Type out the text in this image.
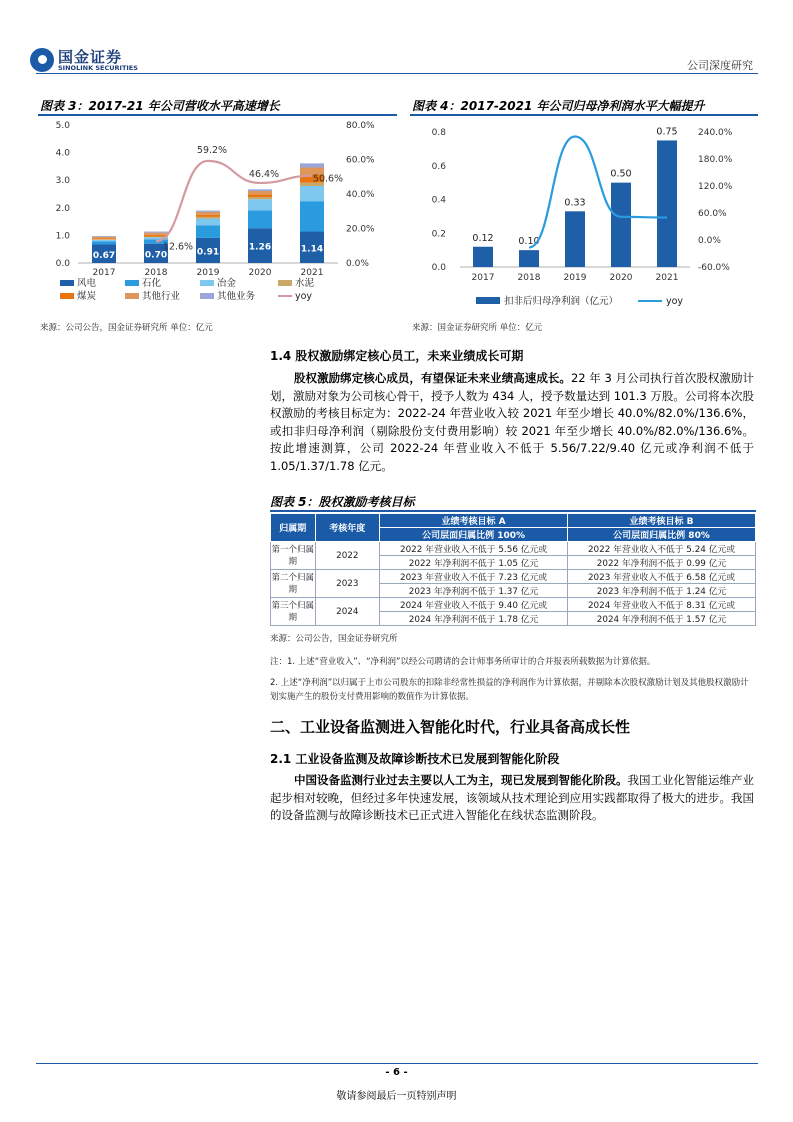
国金证券
SINOLINK SECURITIES	公司深度研究
图表 3：2017-21 年公司营收水平高速增长
0.0
1.0
2.0
3.0
4.0
5.0
0.0%
20.0%
40.0%
60.0%
80.0%
2017
0.67
2018
0.70
2019
0.91
2020
1.26
2021
1.14
12.6%
59.2%
46.4%	50.6%
风电	石化	冶金	水泥
煤炭	其他行业	其他业务	yoy
来源：公司公告，国金证券研究所 单位：亿元
图表 4：2017-2021 年公司归母净利润水平大幅提升
0.0
0.2
0.4
0.6
0.8
-60.0%
0.0%
60.0%
120.0%
180.0%
240.0%
2017
0.12
2018
0.10
2019
0.33
2020
0.50
2021
0.75
扣非后归母净利润（亿元）	yoy
来源：国金证券研究所 单位：亿元
1.4 股权激励绑定核心员工，未来业绩成长可期
股权激励绑定核心成员，有望保证未来业绩高速成长。22 年 3 月公司执行首次股权激励计划，激励对象为公司核心骨干，授予人数为 434 人，授予数量达到 101.3 万股。公司将本次股权激励的考核目标定为：2022-24 年营业收入较 2021 年至少增长 40.0%/82.0%/136.6%，或扣非归母净利润（剔除股份支付费用影响）较 2021 年至少增长 40.0%/82.0%/136.6%。按此增速测算，公司 2022-24 年营业收入不低于 5.56/7.22/9.40 亿元或净利润不低于 1.05/1.37/1.78 亿元。
图表 5：股权激励考核目标
归属期	考核年度	业绩考核目标 A	业绩考核目标 B
		公司层面归属比例 100%	公司层面归属比例 80%
第一个归属期	2022	2022 年营业收入不低于 5.56 亿元或	2022 年营业收入不低于 5.24 亿元或
		2022 年净利润不低于 1.05 亿元	2022 年净利润不低于 0.99 亿元
第二个归属期	2023	2023 年营业收入不低于 7.23 亿元或	2023 年营业收入不低于 6.58 亿元或
		2023 年净利润不低于 1.37 亿元	2023 年净利润不低于 1.24 亿元
第三个归属期	2024	2024 年营业收入不低于 9.40 亿元或	2024 年营业收入不低于 8.31 亿元或
		2024 年净利润不低于 1.78 亿元	2024 年净利润不低于 1.57 亿元
来源：公司公告，国金证券研究所
注：1. 上述“营业收入”、“净利润”以经公司聘请的会计师事务所审计的合并报表所载数据为计算依据。
2. 上述“净利润”以归属于上市公司股东的扣除非经常性损益的净利润作为计算依据，并剔除本次股权激励计划及其他股权激励计划实施产生的股份支付费用影响的数值作为计算依据。
二、工业设备监测进入智能化时代，行业具备高成长性
2.1 工业设备监测及故障诊断技术已发展到智能化阶段
中国设备监测行业过去主要以人工为主，现已发展到智能化阶段。我国工业化智能运维产业起步相对较晚，但经过多年快速发展，该领域从技术理论到应用实践都取得了极大的进步。我国的设备监测与故障诊断技术已正式进入智能化在线状态监测阶段。
- 6 -
敬请参阅最后一页特别声明
